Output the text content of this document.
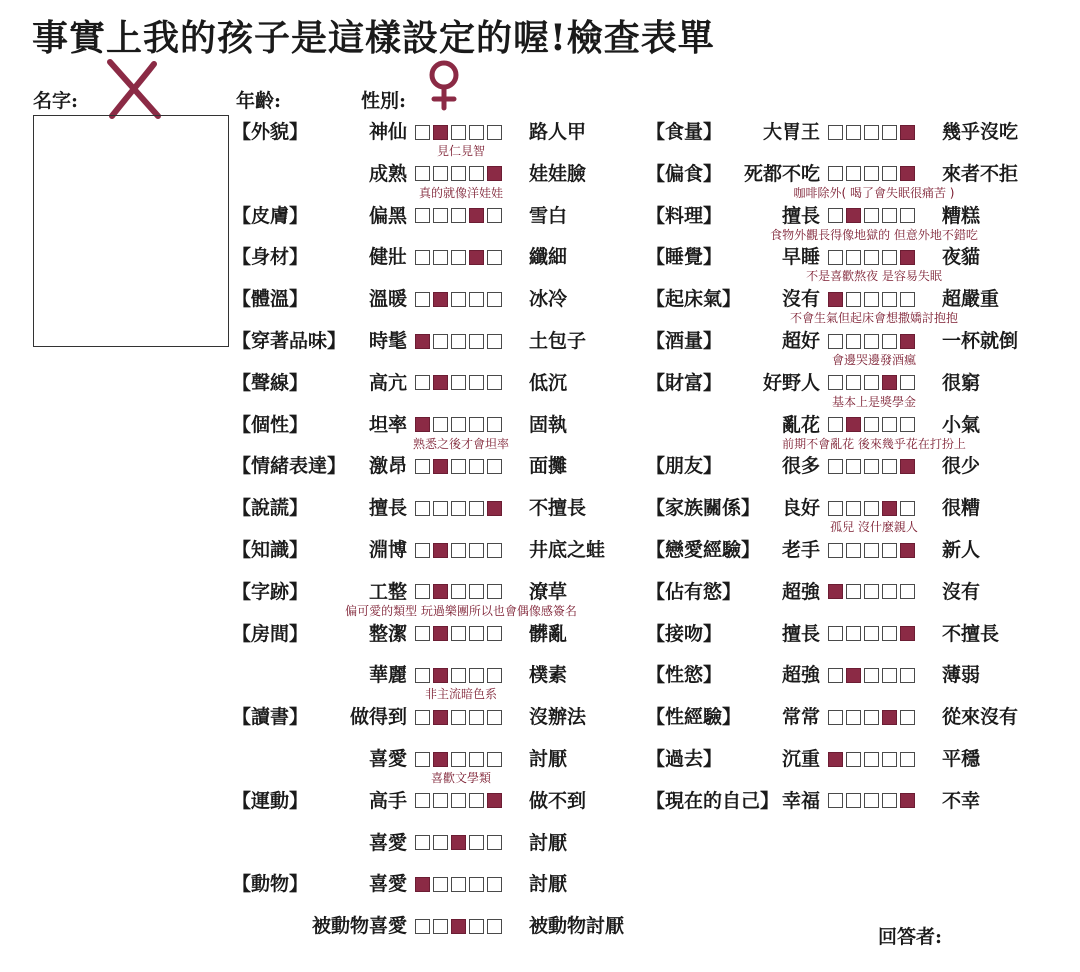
事實上我的孩子是這樣設定的喔!檢查表單
名字:	年齡:	性別:
回答者:
【外貌】	神仙	路人甲
見仁見智
成熟	娃娃臉
真的就像洋娃娃
【皮膚】	偏黑	雪白
【身材】	健壯	纖細
【體溫】	溫暖	冰冷
【穿著品味】 時髦	土包子
【聲線】	高亢	低沉
【個性】	坦率	固執
熟悉之後才會坦率
【情緒表達】 激昂	面攤
【說謊】	擅長	不擅長
【知識】	淵博	井底之蛙
【字跡】	工整	潦草
偏可愛的類型 玩過樂團所以也會偶像感簽名
【房間】	整潔	髒亂
華麗	樸素
非主流暗色系
【讀書】 做得到	沒辦法
喜愛	討厭
喜歡文學類
【運動】	高手	做不到
喜愛	討厭
【動物】	喜愛	討厭
被動物喜愛	被動物討厭
【食量】 大胃王	幾乎沒吃
【偏食】 死都不吃	來者不拒
咖啡除外( 喝了會失眠很痛苦 )
【料理】	擅長	糟糕
食物外觀長得像地獄的 但意外地不錯吃
【睡覺】	早睡	夜貓
不是喜歡熬夜 是容易失眠
【起床氣】 沒有	超嚴重
不會生氣但起床會想撒嬌討抱抱
【酒量】	超好	一杯就倒
會邊哭邊發酒瘋
【財富】 好野人	很窮
基本上是獎學金
亂花	小氣
前期不會亂花 後來幾乎花在打扮上
【朋友】	很多	很少
【家族關係】 良好	很糟
孤兒 沒什麼親人
【戀愛經驗】 老手	新人
【佔有慾】 超強	沒有
【接吻】	擅長	不擅長
【性慾】	超強	薄弱
【性經驗】 常常	從來沒有
【過去】	沉重	平穩
【現在的自己】 幸福	不幸
